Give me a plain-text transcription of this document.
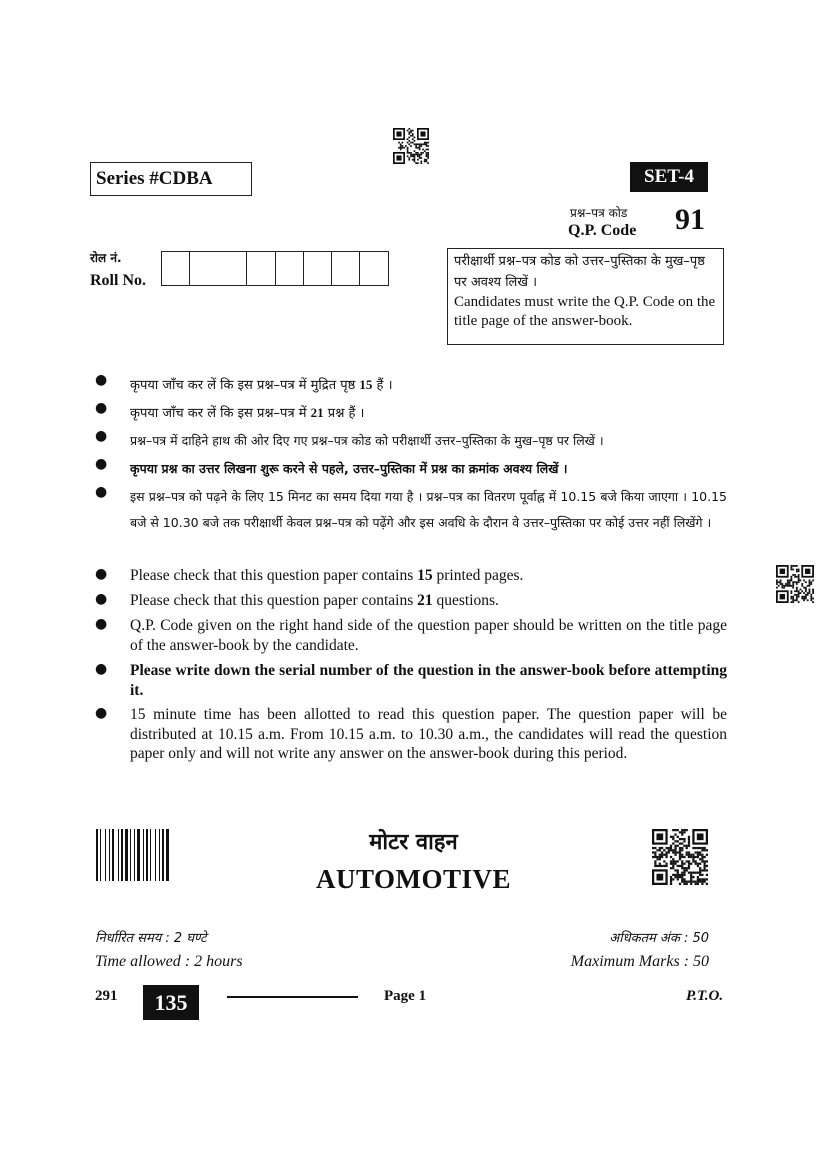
Series #CDBA	SET-4
प्रश्न–पत्र कोड
Q.P. Code 91
रोल नं.
Roll No.
परीक्षार्थी प्रश्न–पत्र कोड को उत्तर–पुस्तिका के मुख–पृष्ठ पर अवश्य लिखें ।
Candidates must write the Q.P. Code on the title page of the answer-book.
● कृपया जाँच कर लें कि इस प्रश्न–पत्र में मुद्रित पृष्ठ 15 हैं ।
● कृपया जाँच कर लें कि इस प्रश्न–पत्र में 21 प्रश्न हैं ।
● प्रश्न–पत्र में दाहिने हाथ की ओर दिए गए प्रश्न–पत्र कोड को परीक्षार्थी उत्तर–पुस्तिका के मुख–पृष्ठ पर लिखें ।
● कृपया प्रश्न का उत्तर लिखना शुरू करने से पहले, उत्तर–पुस्तिका में प्रश्न का क्रमांक अवश्य लिखें ।
● इस प्रश्न–पत्र को पढ़ने के लिए 15 मिनट का समय दिया गया है । प्रश्न–पत्र का वितरण पूर्वाह्न में 10.15 बजे किया जाएगा । 10.15 बजे से 10.30 बजे तक परीक्षार्थी केवल प्रश्न–पत्र को पढ़ेंगे और इस अवधि के दौरान वे उत्तर–पुस्तिका पर कोई उत्तर नहीं लिखेंगे ।
● Please check that this question paper contains 15 printed pages.
● Please check that this question paper contains 21 questions.
● Q.P. Code given on the right hand side of the question paper should be written on the title page of the answer-book by the candidate.
● Please write down the serial number of the question in the answer-book before attempting it.
● 15 minute time has been allotted to read this question paper. The question paper will be distributed at 10.15 a.m. From 10.15 a.m. to 10.30 a.m., the candidates will read the question paper only and will not write any answer on the answer-book during this period.
मोटर वाहन
AUTOMOTIVE
निर्धारित समय : 2 घण्टे
Time allowed : 2 hours
अधिकतम अंक : 50
Maximum Marks : 50
291	135	Page 1	P.T.O.
